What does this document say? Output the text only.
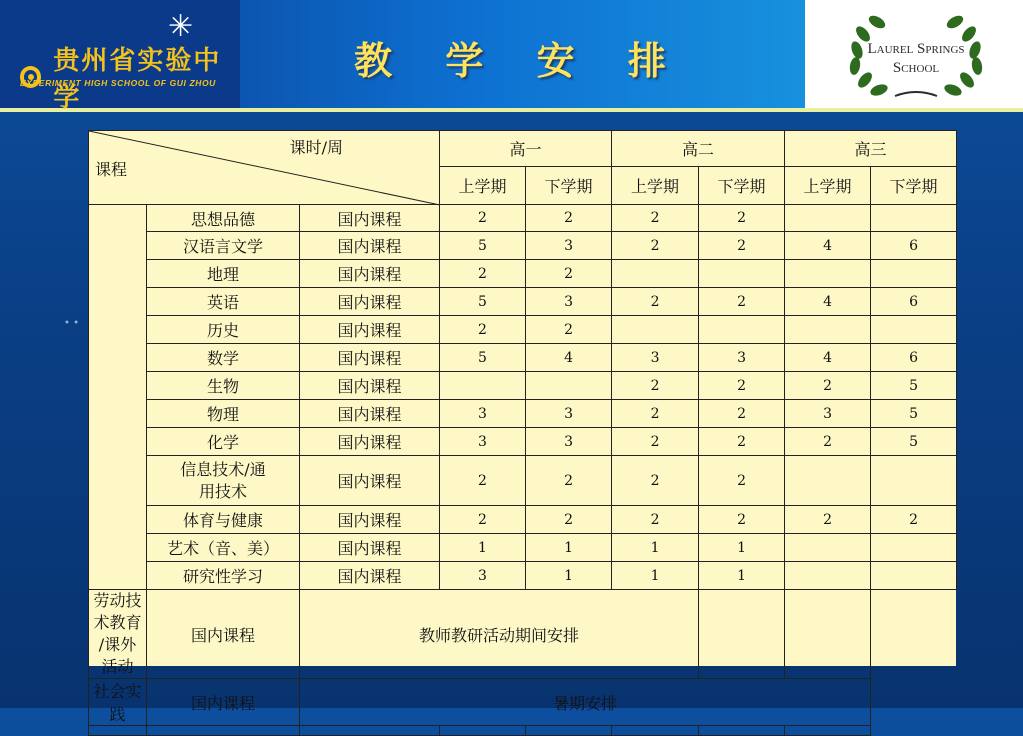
✳
贵州省实验中学
EXPERIMENT HIGH SCHOOL OF GUI ZHOU	教 学 安 排	Laurel Springs
School
• •
课时/周
课程			高一		高二		高三	
			上学期	下学期	上学期	下学期	上学期	下学期
	思想品德	国内课程	2	2	2	2		
	汉语言文学	国内课程	5	3	2	2	4	6
	地理	国内课程	2	2				
	英语	国内课程	5	3	2	2	4	6
	历史	国内课程	2	2				
	数学	国内课程	5	4	3	3	4	6
	生物	国内课程			2	2	2	5
	物理	国内课程	3	3	2	2	3	5
	化学	国内课程	3	3	2	2	2	5
	信息技术/通
用技术	国内课程	2	2	2	2		
	体育与健康	国内课程	2	2	2	2	2	2
	艺术（音、美）	国内课程	1	1	1	1		
	研究性学习	国内课程	3	1	1	1		
劳动技术教育
/课外活动	国内课程	教师教研活动期间安排						
社会实践	国内课程	暑期安排						
